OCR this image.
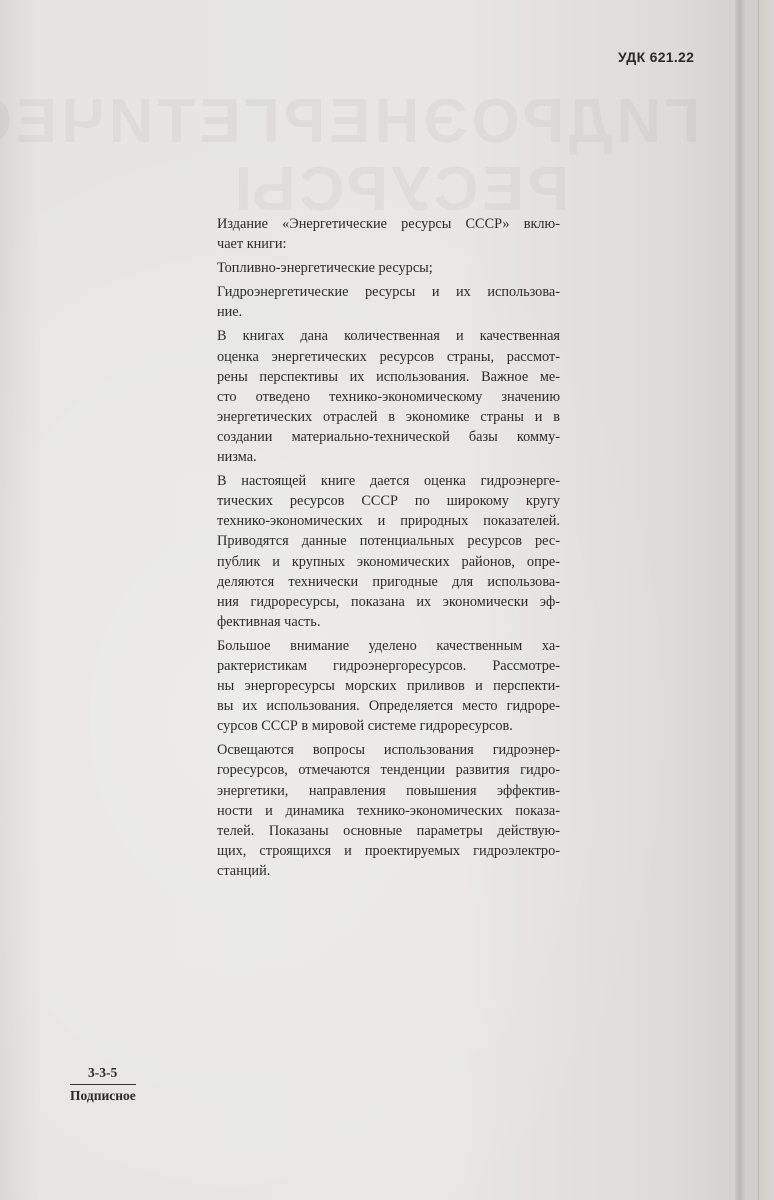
УДК 621.22

Издание «Энергетические ресурсы СССР» вклю-
чает книги:

Топливно-энергетические ресурсы;

Гидроэнергетические ресурсы и их использова-
ние.

В книгах дана количественная и качественная
оценка энергетических ресурсов страны, рассмот-
рены перспективы их использования. Важное ме-
сто отведено технико-экономическому значению
энергетических отраслей в экономике страны и в
создании материально-технической базы комму-
низма.

В настоящей книге дается оценка гидроэнерге-
тических ресурсов СССР по широкому кругу
технико-экономических и природных показателей.
Приводятся данные потенциальных ресурсов рес-
публик и крупных экономических районов, опре-
деляются технически пригодные для использова-
ния гидроресурсы, показана их экономически эф-
фективная часть.

Большое внимание уделено качественным ха-
рактеристикам гидроэнергоресурсов. Рассмотре-
ны энергоресурсы морских приливов и перспекти-
вы их использования. Определяется место гидроре-
сурсов СССР в мировой системе гидроресурсов.

Освещаются вопросы использования гидроэнер-
горесурсов, отмечаются тенденции развития гидро-
энергетики, направления повышения эффектив-
ности и динамика технико-экономических показа-
телей. Показаны основные параметры действую-
щих, строящихся и проектируемых гидроэлектро-
станций.

3-3-5
Подписное
